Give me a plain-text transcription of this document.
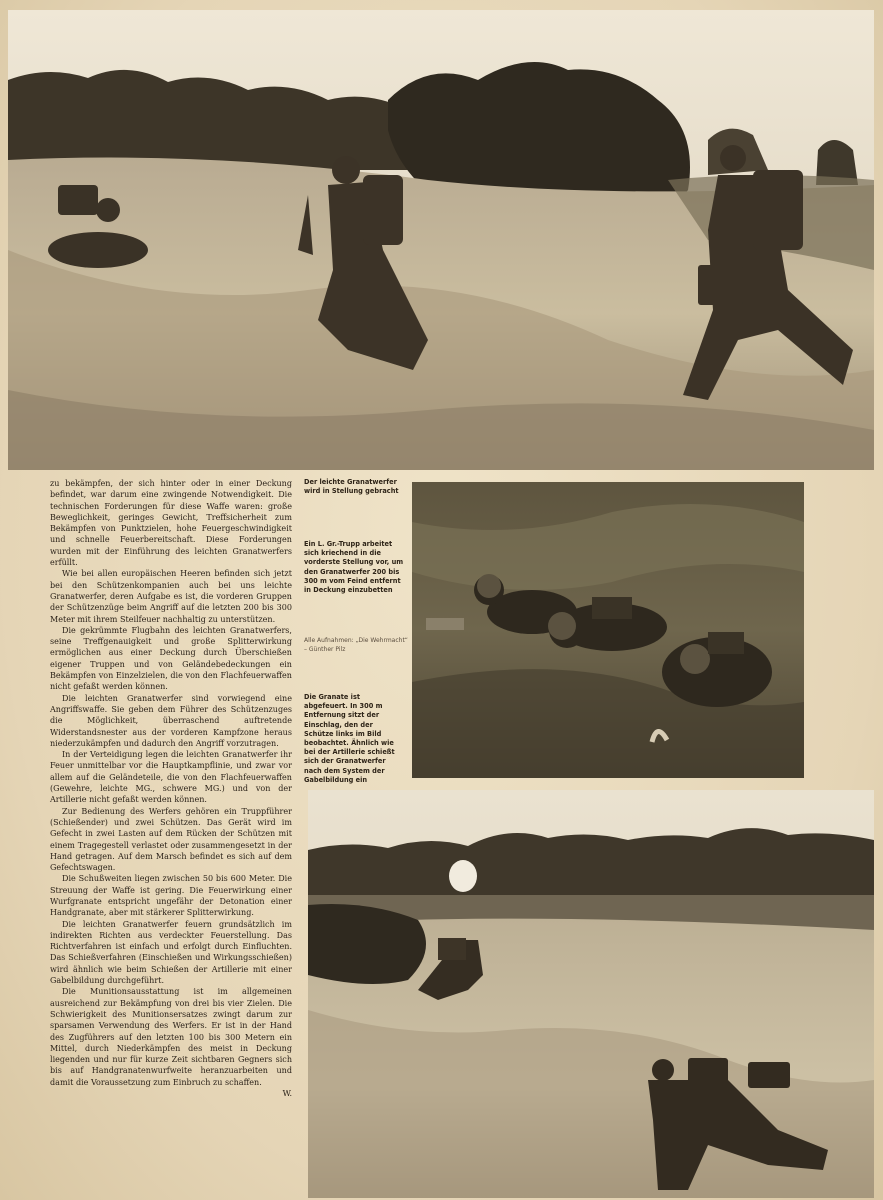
zu bekämpfen, der sich hinter oder in einer Deckung befindet, war darum eine zwingende Notwendigkeit. Die technischen Forderungen für diese Waffe waren: große Beweglichkeit, geringes Gewicht, Treffsicherheit zum Bekämpfen von Punktzielen, hohe Feuergeschwindigkeit und schnelle Feuerbereitschaft. Diese Forderungen wurden mit der Einführung des leichten Granatwerfers erfüllt.

Wie bei allen europäischen Heeren befinden sich jetzt bei den Schützenkompanien auch bei uns leichte Granatwerfer, deren Aufgabe es ist, die vorderen Gruppen der Schützenzüge beim Angriff auf die letzten 200 bis 300 Meter mit ihrem Steilfeuer nachhaltig zu unterstützen.

Die gekrümmte Flugbahn des leichten Granatwerfers, seine Treffgenauigkeit und große Splitterwirkung ermöglichen aus einer Deckung durch Überschießen eigener Truppen und von Geländebedeckungen ein Bekämpfen von Einzelzielen, die von den Flachfeuerwaffen nicht gefaßt werden können.

Die leichten Granatwerfer sind vorwiegend eine Angriffswaffe. Sie geben dem Führer des Schützenzuges die Möglichkeit, überraschend auftretende Widerstandsnester aus der vorderen Kampfzone heraus niederzukämpfen und dadurch den Angriff vorzutragen.

In der Verteidigung legen die leichten Granatwerfer ihr Feuer unmittelbar vor die Hauptkampflinie, und zwar vor allem auf die Geländeteile, die von den Flachfeuerwaffen (Gewehre, leichte MG., schwere MG.) und von der Artillerie nicht gefaßt werden können.

Zur Bedienung des Werfers gehören ein Truppführer (Schießender) und zwei Schützen. Das Gerät wird im Gefecht in zwei Lasten auf dem Rücken der Schützen mit einem Tragegestell verlastet oder zusammengesetzt in der Hand getragen. Auf dem Marsch befindet es sich auf dem Gefechtswagen.

Die Schußweiten liegen zwischen 50 bis 600 Meter. Die Streuung der Waffe ist gering. Die Feuerwirkung einer Wurfgranate entspricht ungefähr der Detonation einer Handgranate, aber mit stärkerer Splitterwirkung.

Die leichten Granatwerfer feuern grundsätzlich im indirekten Richten aus verdeckter Feuerstellung. Das Richtverfahren ist einfach und erfolgt durch Einfluchten. Das Schießverfahren (Einschießen und Wirkungsschießen) wird ähnlich wie beim Schießen der Artillerie mit einer Gabelbildung durchgeführt.

Die Munitionsausstattung ist im allgemeinen ausreichend zur Bekämpfung von drei bis vier Zielen. Die Schwierigkeit des Munitionsersatzes zwingt darum zur sparsamen Verwendung des Werfers. Er ist in der Hand des Zugführers auf den letzten 100 bis 300 Metern ein Mittel, durch Niederkämpfen des meist in Deckung liegenden und nur für kurze Zeit sichtbaren Gegners sich bis auf Handgranatenwurfweite heranzuarbeiten und damit die Voraussetzung zum Einbruch zu schaffen.

W.

Der leichte Granatwerfer wird in Stellung gebracht
Ein L. Gr.-Trupp arbeitet sich kriechend in die vorderste Stellung vor, um den Granatwerfer 200 bis 300 m vom Feind entfernt in Deckung einzubetten
Alle Aufnahmen: „Die Wehrmacht“ – Günther Pilz
Die Granate ist abgefeuert. In 300 m Entfernung sitzt der Einschlag, den der Schütze links im Bild beobachtet. Ähnlich wie bei der Artillerie schießt sich der Granatwerfer nach dem System der Gabelbildung ein
